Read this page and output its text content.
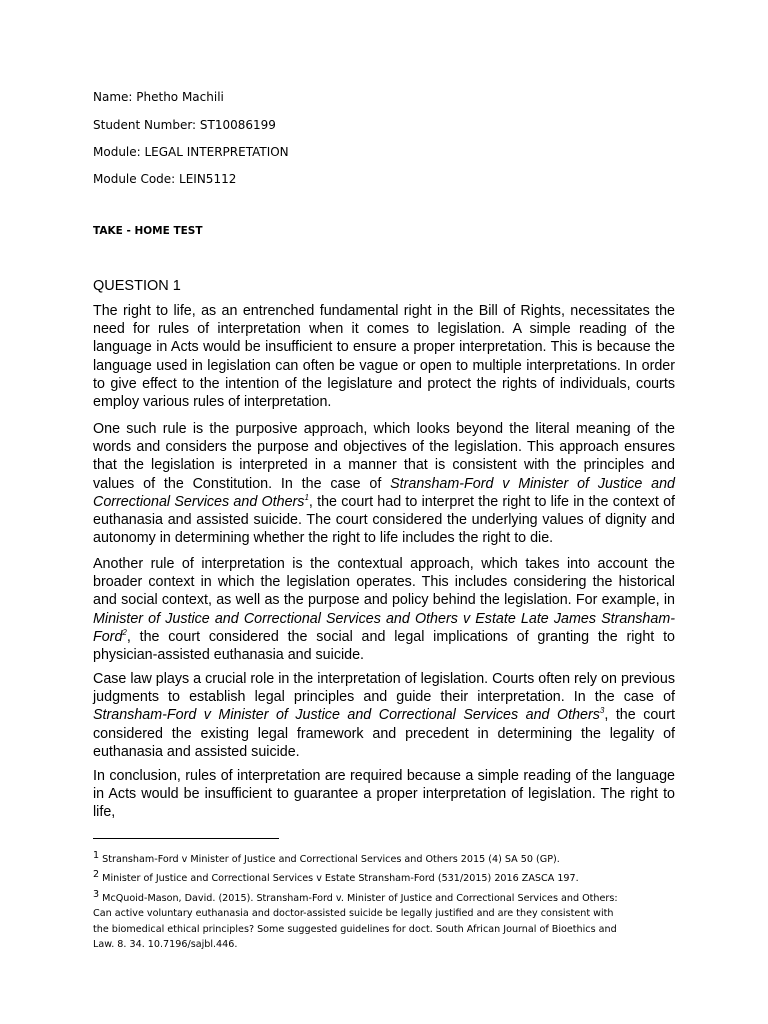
Name: Phetho Machili
Student Number: ST10086199
Module: LEGAL INTERPRETATION
Module Code: LEIN5112
TAKE - HOME TEST
QUESTION 1

The right to life, as an entrenched fundamental right in the Bill of Rights, necessitates the need for rules of interpretation when it comes to legislation. A simple reading of the language in Acts would be insufficient to ensure a proper interpretation. This is because the language used in legislation can often be vague or open to multiple interpretations. In order to give effect to the intention of the legislature and protect the rights of individuals, courts employ various rules of interpretation.

One such rule is the purposive approach, which looks beyond the literal meaning of the words and considers the purpose and objectives of the legislation. This approach ensures that the legislation is interpreted in a manner that is consistent with the principles and values of the Constitution. In the case of Stransham-Ford v Minister of Justice and Correctional Services and Others$^1$, the court had to interpret the right to life in the context of euthanasia and assisted suicide. The court considered the underlying values of dignity and autonomy in determining whether the right to life includes the right to die.

Another rule of interpretation is the contextual approach, which takes into account the broader context in which the legislation operates. This includes considering the historical and social context, as well as the purpose and policy behind the legislation. For example, in Minister of Justice and Correctional Services and Others v Estate Late James Stransham-Ford$^2$, the court considered the social and legal implications of granting the right to physician-assisted euthanasia and suicide.

Case law plays a crucial role in the interpretation of legislation. Courts often rely on previous judgments to establish legal principles and guide their interpretation. In the case of Stransham-Ford v Minister of Justice and Correctional Services and Others$^3$, the court considered the existing legal framework and precedent in determining the legality of euthanasia and assisted suicide.

In conclusion, rules of interpretation are required because a simple reading of the language in Acts would be insufficient to guarantee a proper interpretation of legislation. The right to life,

$^1$ Stransham-Ford v Minister of Justice and Correctional Services and Others 2015 (4) SA 50 (GP).

$^2$ Minister of Justice and Correctional Services v Estate Stransham-Ford (531/2015) 2016 ZASCA 197.

$^3$ McQuoid-Mason, David. (2015). Stransham-Ford v. Minister of Justice and Correctional Services and Others:

Can active voluntary euthanasia and doctor-assisted suicide be legally justified and are they consistent with

the biomedical ethical principles? Some suggested guidelines for doct. South African Journal of Bioethics and

Law. 8. 34. 10.7196/sajbl.446.
